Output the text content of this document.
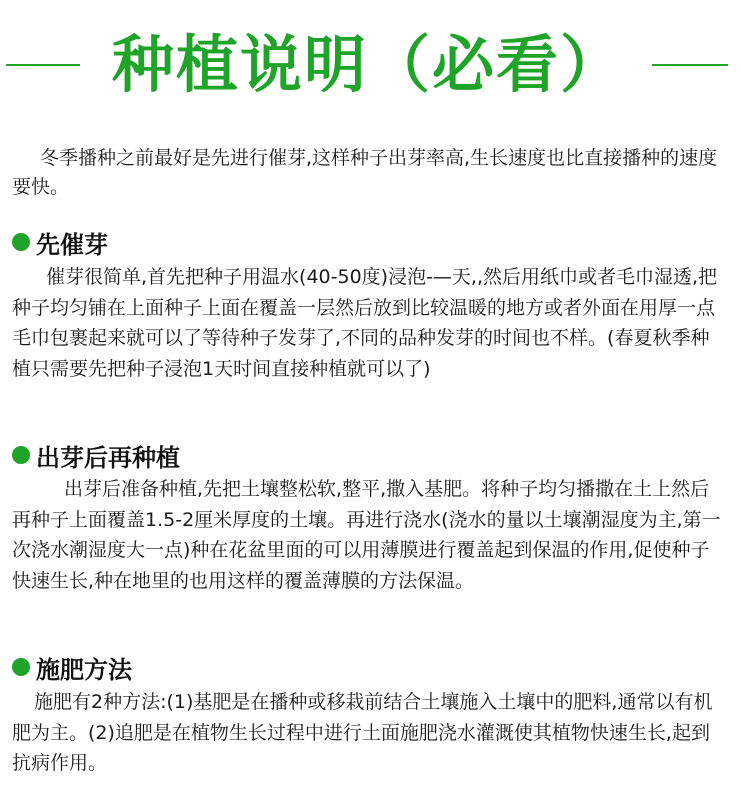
种植说明（必看）

冬季播种之前最好是先进行催芽,这样种子出芽率高,生长速度也比直接播种的速度要快。

先催芽

催芽很简单,首先把种子用温水(40-50度)浸泡-—天,,然后用纸巾或者毛巾湿透,把种子均匀铺在上面种子上面在覆盖一层然后放到比较温暖的地方或者外面在用厚一点毛巾包裹起来就可以了等待种子发芽了,不同的品种发芽的时间也不样。(春夏秋季种植只需要先把种子浸泡1天时间直接种植就可以了)

出芽后再种植

出芽后准备种植,先把土壤整松软,整平,撒入基肥。将种子均匀播撒在土上然后再种子上面覆盖1.5-2厘米厚度的土壤。再进行浇水(浇水的量以土壤潮湿度为主,第一次浇水潮湿度大一点)种在花盆里面的可以用薄膜进行覆盖起到保温的作用,促使种子快速生长,种在地里的也用这样的覆盖薄膜的方法保温。

施肥方法

施肥有2种方法:(1)基肥是在播种或移栽前结合土壤施入土壤中的肥料,通常以有机肥为主。(2)追肥是在植物生长过程中进行土面施肥浇水灌溉使其植物快速生长,起到抗病作用。
